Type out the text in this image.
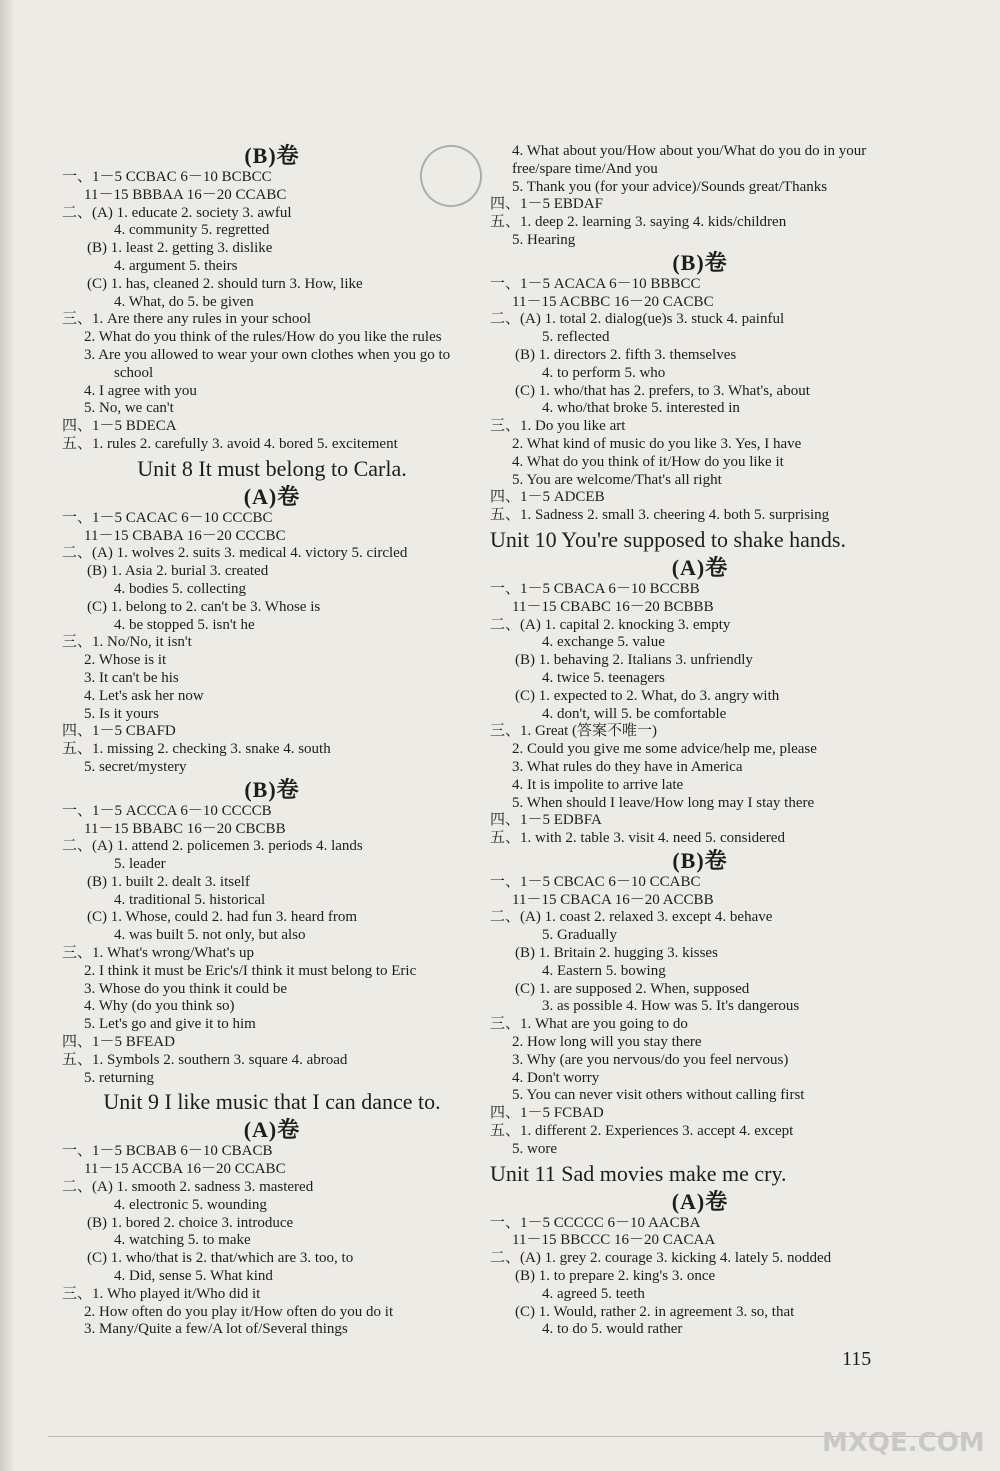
(B)卷
一、1－5 CCBAC 6－10 BCBCC
11－15 BBBAA 16－20 CCABC
二、(A) 1. educate 2. society 3. awful
4. community 5. regretted
(B) 1. least 2. getting 3. dislike
4. argument 5. theirs
(C) 1. has, cleaned 2. should turn 3. How, like
4. What, do 5. be given
三、1. Are there any rules in your school
2. What do you think of the rules/How do you like the rules
3. Are you allowed to wear your own clothes when you go to
school
4. I agree with you
5. No, we can't
四、1－5 BDECA
五、1. rules 2. carefully 3. avoid 4. bored 5. excitement
Unit 8 It must belong to Carla.
(A)卷
一、1－5 CACAC 6－10 CCCBC
11－15 CBABA 16－20 CCCBC
二、(A) 1. wolves 2. suits 3. medical 4. victory 5. circled
(B) 1. Asia 2. burial 3. created
4. bodies 5. collecting
(C) 1. belong to 2. can't be 3. Whose is
4. be stopped 5. isn't he
三、1. No/No, it isn't
2. Whose is it
3. It can't be his
4. Let's ask her now
5. Is it yours
四、1－5 CBAFD
五、1. missing 2. checking 3. snake 4. south
5. secret/mystery
(B)卷
一、1－5 ACCCA 6－10 CCCCB
11－15 BBABC 16－20 CBCBB
二、(A) 1. attend 2. policemen 3. periods 4. lands
5. leader
(B) 1. built 2. dealt 3. itself
4. traditional 5. historical
(C) 1. Whose, could 2. had fun 3. heard from
4. was built 5. not only, but also
三、1. What's wrong/What's up
2. I think it must be Eric's/I think it must belong to Eric
3. Whose do you think it could be
4. Why (do you think so)
5. Let's go and give it to him
四、1－5 BFEAD
五、1. Symbols 2. southern 3. square 4. abroad
5. returning
Unit 9 I like music that I can dance to.
(A)卷
一、1－5 BCBAB 6－10 CBACB
11－15 ACCBA 16－20 CCABC
二、(A) 1. smooth 2. sadness 3. mastered
4. electronic 5. wounding
(B) 1. bored 2. choice 3. introduce
4. watching 5. to make
(C) 1. who/that is 2. that/which are 3. too, to
4. Did, sense 5. What kind
三、1. Who played it/Who did it
2. How often do you play it/How often do you do it
3. Many/Quite a few/A lot of/Several things
4. What about you/How about you/What do you do in your
free/spare time/And you
5. Thank you (for your advice)/Sounds great/Thanks
四、1－5 EBDAF
五、1. deep 2. learning 3. saying 4. kids/children
5. Hearing
(B)卷
一、1－5 ACACA 6－10 BBBCC
11－15 ACBBC 16－20 CACBC
二、(A) 1. total 2. dialog(ue)s 3. stuck 4. painful
5. reflected
(B) 1. directors 2. fifth 3. themselves
4. to perform 5. who
(C) 1. who/that has 2. prefers, to 3. What's, about
4. who/that broke 5. interested in
三、1. Do you like art
2. What kind of music do you like 3. Yes, I have
4. What do you think of it/How do you like it
5. You are welcome/That's all right
四、1－5 ADCEB
五、1. Sadness 2. small 3. cheering 4. both 5. surprising
Unit 10 You're supposed to shake hands.
(A)卷
一、1－5 CBACA 6－10 BCCBB
11－15 CBABC 16－20 BCBBB
二、(A) 1. capital 2. knocking 3. empty
4. exchange 5. value
(B) 1. behaving 2. Italians 3. unfriendly
4. twice 5. teenagers
(C) 1. expected to 2. What, do 3. angry with
4. don't, will 5. be comfortable
三、1. Great (答案不唯一)
2. Could you give me some advice/help me, please
3. What rules do they have in America
4. It is impolite to arrive late
5. When should I leave/How long may I stay there
四、1－5 EDBFA
五、1. with 2. table 3. visit 4. need 5. considered
(B)卷
一、1－5 CBCAC 6－10 CCABC
11－15 CBACA 16－20 ACCBB
二、(A) 1. coast 2. relaxed 3. except 4. behave
5. Gradually
(B) 1. Britain 2. hugging 3. kisses
4. Eastern 5. bowing
(C) 1. are supposed 2. When, supposed
3. as possible 4. How was 5. It's dangerous
三、1. What are you going to do
2. How long will you stay there
3. Why (are you nervous/do you feel nervous)
4. Don't worry
5. You can never visit others without calling first
四、1－5 FCBAD
五、1. different 2. Experiences 3. accept 4. except
5. wore
Unit 11 Sad movies make me cry.
(A)卷
一、1－5 CCCCC 6－10 AACBA
11－15 BBCCC 16－20 CACAA
二、(A) 1. grey 2. courage 3. kicking 4. lately 5. nodded
(B) 1. to prepare 2. king's 3. once
4. agreed 5. teeth
(C) 1. Would, rather 2. in agreement 3. so, that
4. to do 5. would rather
115
MXQE.COM
